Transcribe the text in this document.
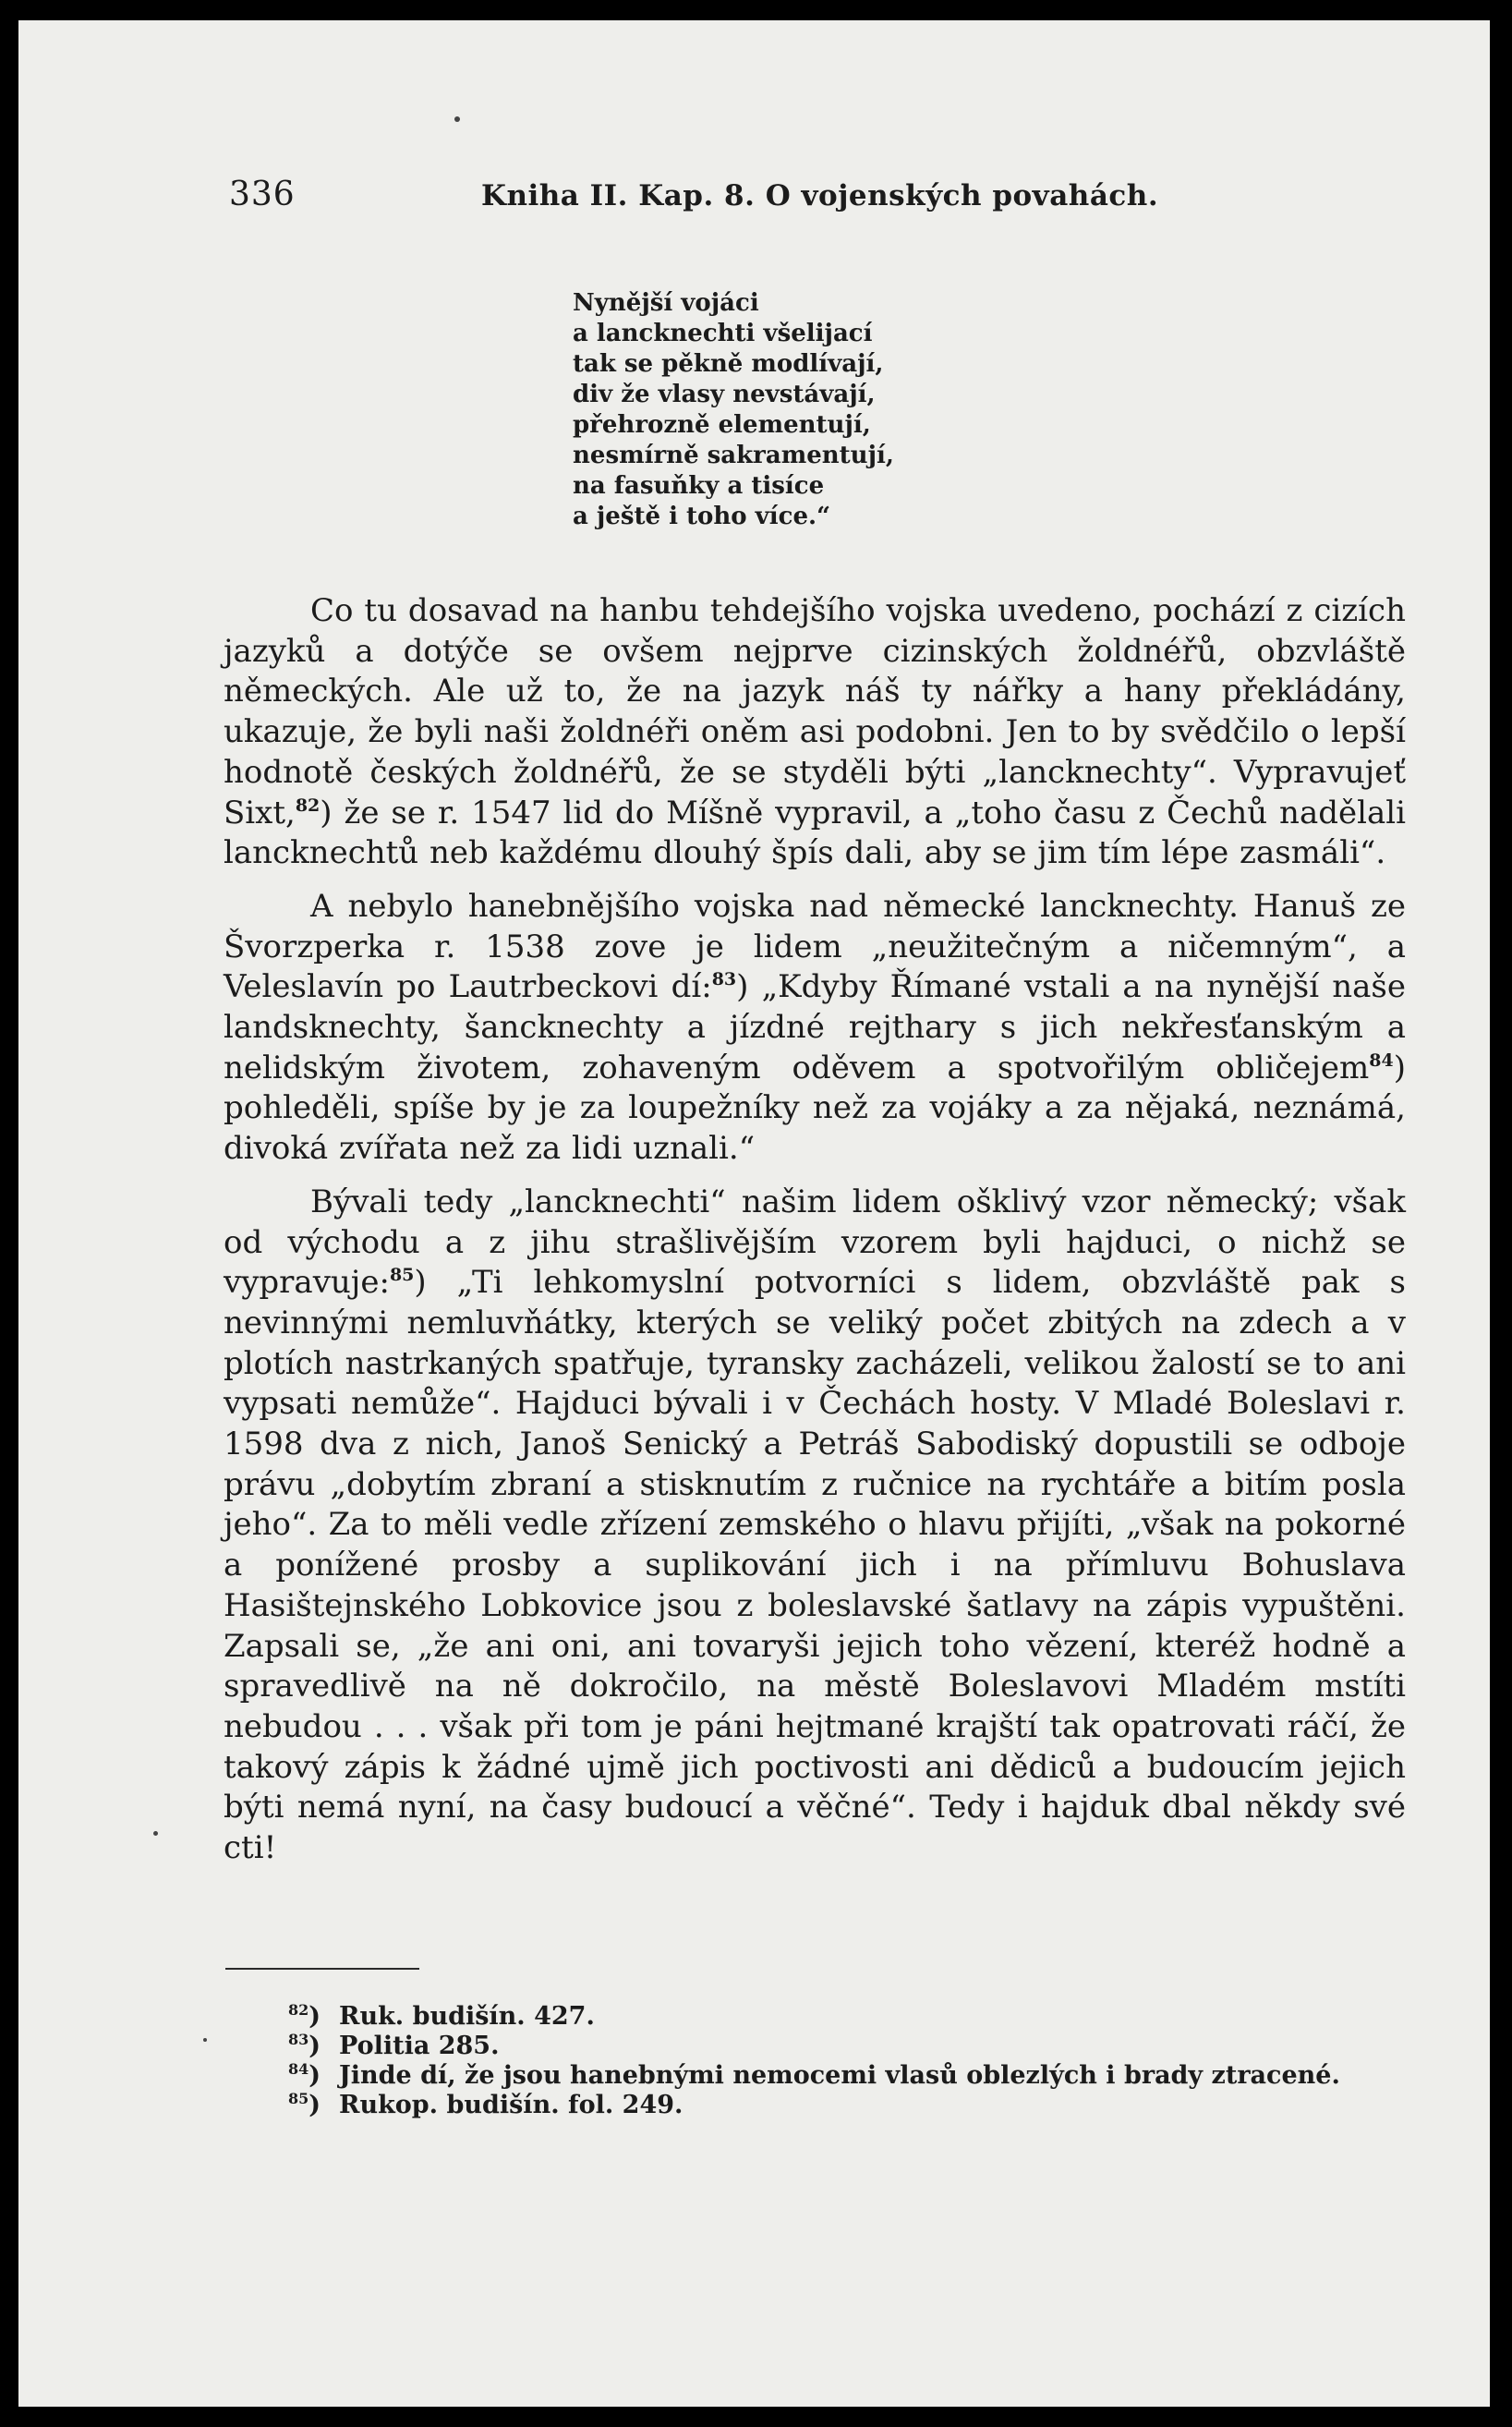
336	Kniha II. Kap. 8. O vojenských povahách.
Nynější vojáci
a lancknechti všelijací
tak se pěkně modlívají,
div že vlasy nevstávají,
přehrozně elementují,
nesmírně sakramentují,
na fasuňky a tisíce
a ještě i toho více.“

Co tu dosavad na hanbu tehdejšího vojska uvedeno, pochází z cizích jazyků a dotýče se ovšem nejprve cizinských žoldnéřů, obzvláště německých. Ale už to, že na jazyk náš ty nářky a hany překládány, ukazuje, že byli naši žoldnéři oněm asi podobni. Jen to by svědčilo o lepší hodnotě českých žoldnéřů, že se styděli býti „lancknechty“. Vypravujeť Sixt,$^{82}$) že se r. 1547 lid do Míšně vypravil, a „toho času z Čechů nadělali lancknechtů neb každému dlouhý špís dali, aby se jim tím lépe zasmáli“.

A nebylo hanebnějšího vojska nad německé lancknechty. Hanuš ze Švorzperka r. 1538 zove je lidem „neužitečným a ničemným“, a Veleslavín po Lautrbeckovi dí:$^{83}$) „Kdyby Římané vstali a na nynější naše landsknechty, šancknechty a jízdné rejthary s jich nekřesťanským a nelidským životem, zohaveným oděvem a spotvořilým obličejem$^{84}$) pohleděli, spíše by je za loupežníky než za vojáky a za nějaká, neznámá, divoká zvířata než za lidi uznali.“

Bývali tedy „lancknechti“ našim lidem ošklivý vzor německý; však od východu a z jihu strašlivějším vzorem byli hajduci, o nichž se vypravuje:$^{85}$) „Ti lehkomyslní potvorníci s lidem, obzvláště pak s nevinnými nemluvňátky, kterých se veliký počet zbitých na zdech a v plotích nastrkaných spatřuje, tyransky zacházeli, velikou žalostí se to ani vypsati nemůže“. Hajduci bývali i v Čechách hosty. V Mladé Boleslavi r. 1598 dva z nich, Janoš Senický a Petráš Sabodiský dopustili se odboje právu „dobytím zbraní a stisknutím z ručnice na rychtáře a bitím posla jeho“. Za to měli vedle zřízení zemského o hlavu přijíti, „však na pokorné a ponížené prosby a suplikování jich i na přímluvu Bohuslava Hasištejnského Lobkovice jsou z boleslavské šatlavy na zápis vypuštěni. Zapsali se, „že ani oni, ani tovaryši jejich toho vězení, kteréž hodně a spravedlivě na ně dokročilo, na městě Boleslavovi Mladém mstíti nebudou . . . však při tom je páni hejtmané krajští tak opatrovati ráčí, že takový zápis k žádné ujmě jich poctivosti ani dědiců a budoucím jejich býti nemá nyní, na časy budoucí a věčné“. Tedy i hajduk dbal někdy své cti!

$^{82}$) Ruk. budišín. 427.
$^{83}$) Politia 285.
$^{84}$) Jinde dí, že jsou hanebnými nemocemi vlasů oblezlých i brady ztracené.
$^{85}$) Rukop. budišín. fol. 249.
